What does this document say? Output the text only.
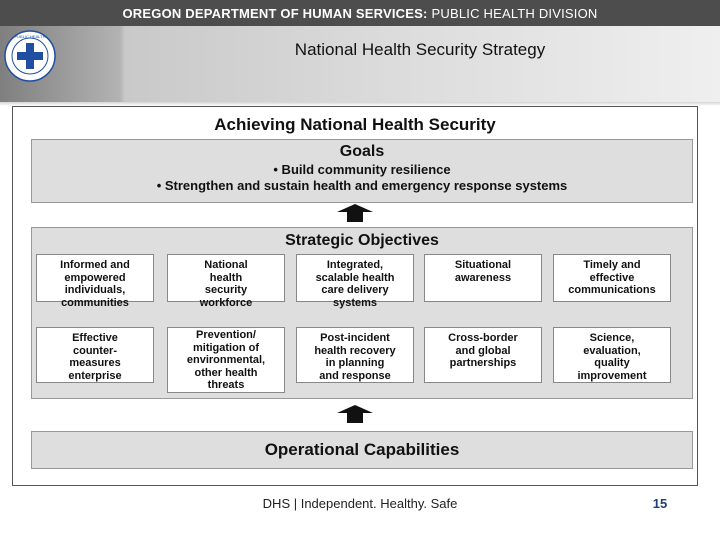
OREGON DEPARTMENT OF HUMAN SERVICES: PUBLIC HEALTH DIVISION
PUBLIC HEALTH
National Health Security Strategy
Achieving National Health Security
Goals
• Build community resilience
• Strengthen and sustain health and emergency response systems
Strategic Objectives
Informed and
empowered
individuals,
communities
National
health
security
workforce
Integrated,
scalable health
care delivery
systems
Situational
awareness
Timely and
effective
communications
Effective
counter-
measures
enterprise
Prevention/
mitigation of
environmental,
other health
threats
Post-incident
health recovery
in planning
and response
Cross-border
and global
partnerships
Science,
evaluation,
quality
improvement
Operational Capabilities
DHS | Independent. Healthy. Safe	15
